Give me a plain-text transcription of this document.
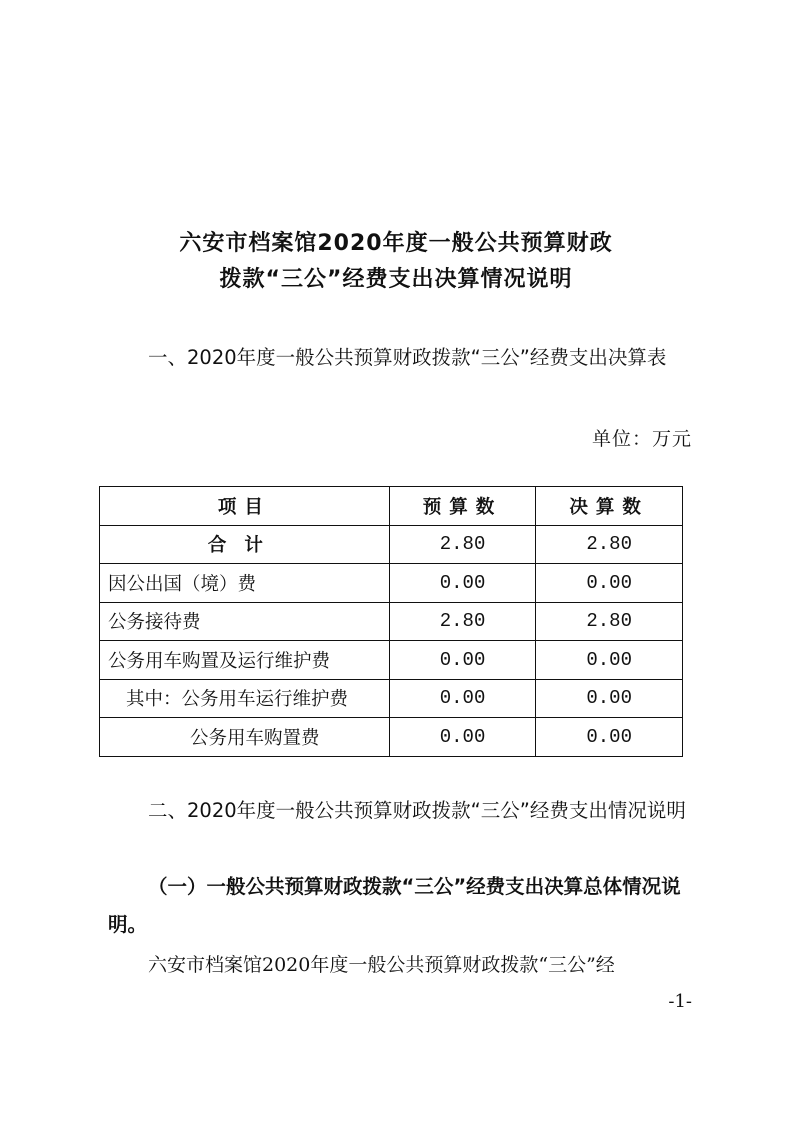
六安市档案馆2020年度一般公共预算财政
拨款“三公”经费支出决算情况说明

一、2020年度一般公共预算财政拨款“三公”经费支出决算表

单位：万元
项目	预算数	决算数
合计	2.80	2.80
因公出国（境）费	0.00	0.00
公务接待费	2.80	2.80
公务用车购置及运行维护费	0.00	0.00
其中：公务用车运行维护费	0.00	0.00
公务用车购置费	0.00	0.00

二、2020年度一般公共预算财政拨款“三公”经费支出情况说明

（一）一般公共预算财政拨款“三公”经费支出决算总体情况说明。

六安市档案馆2020年度一般公共预算财政拨款“三公”经

-1-
